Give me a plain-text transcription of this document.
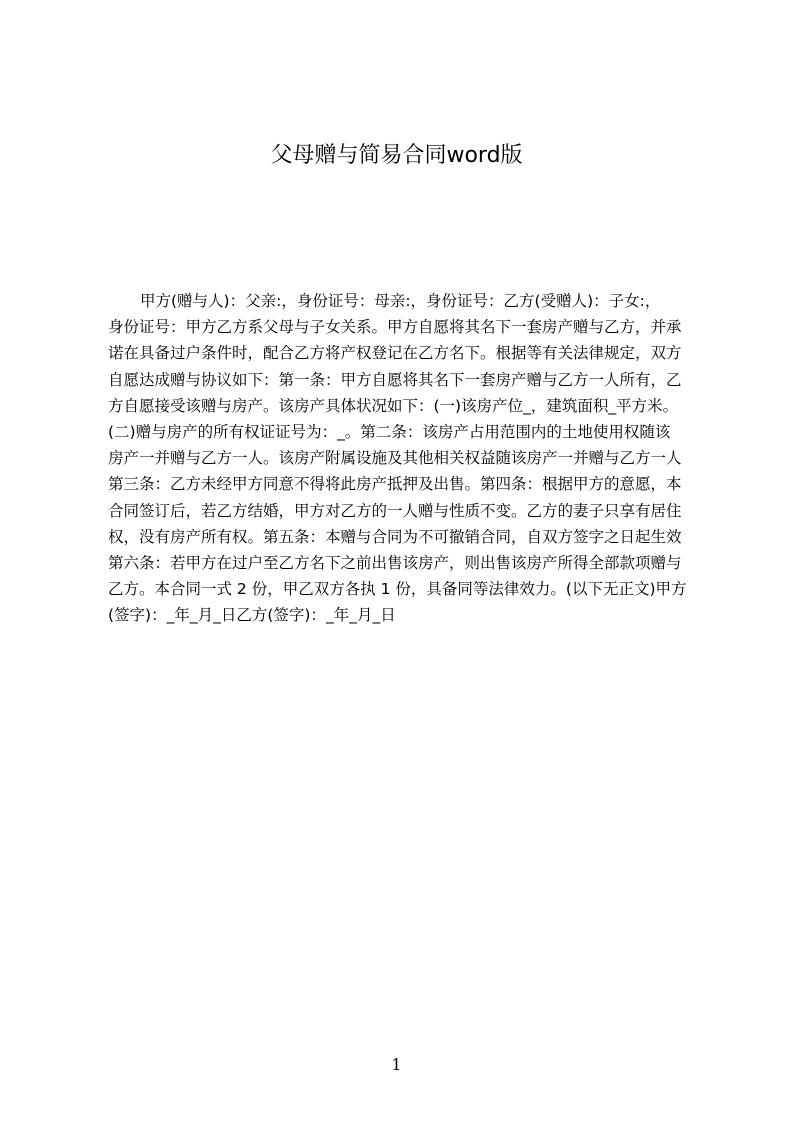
父母赠与简易合同word版
甲方(赠与人)：父亲:，身份证号：母亲:，身份证号：乙方(受赠人)：子女:，
身份证号：甲方乙方系父母与子女关系。甲方自愿将其名下一套房产赠与乙方，并承
诺在具备过户条件时，配合乙方将产权登记在乙方名下。根据等有关法律规定，双方
自愿达成赠与协议如下：第一条：甲方自愿将其名下一套房产赠与乙方一人所有，乙
方自愿接受该赠与房产。该房产具体状况如下：(一)该房产位_，建筑面积_平方米。
(二)赠与房产的所有权证证号为：_。第二条：该房产占用范围内的土地使用权随该
房产一并赠与乙方一人。该房产附属设施及其他相关权益随该房产一并赠与乙方一人
第三条：乙方未经甲方同意不得将此房产抵押及出售。第四条：根据甲方的意愿，本
合同签订后，若乙方结婚，甲方对乙方的一人赠与性质不变。乙方的妻子只享有居住
权，没有房产所有权。第五条：本赠与合同为不可撤销合同，自双方签字之日起生效
第六条：若甲方在过户至乙方名下之前出售该房产，则出售该房产所得全部款项赠与
乙方。本合同一式 2 份，甲乙双方各执 1 份，具备同等法律效力。(以下无正文)甲方
(签字)：_年_月_日乙方(签字)：_年_月_日
1
